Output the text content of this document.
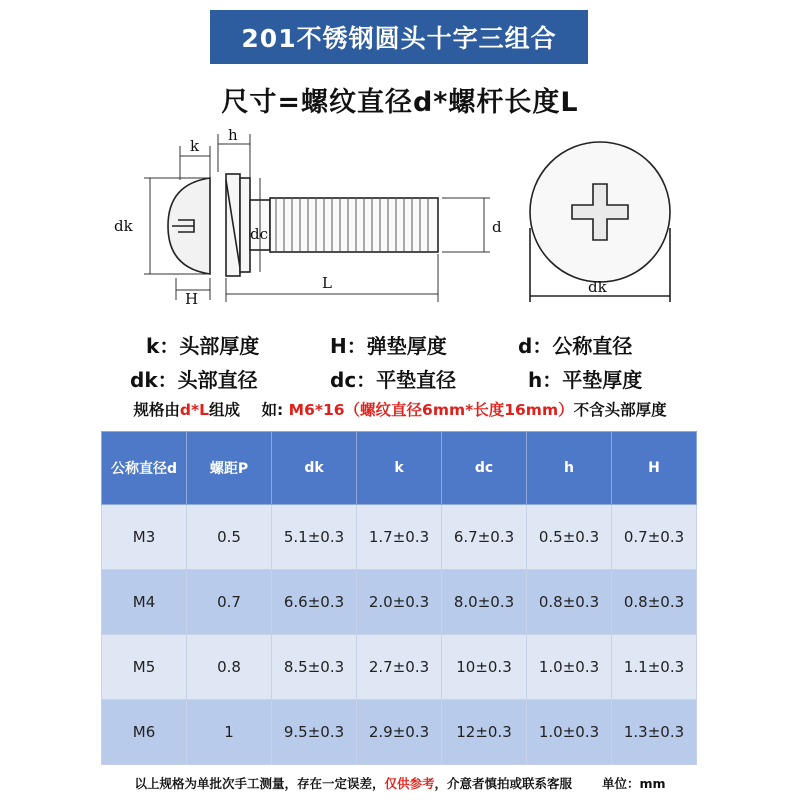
201不锈钢圆头十字三组合
尺寸=螺纹直径d*螺杆长度L
k
h
dk	dc	d
H
L	dk
k：头部厚度	H：弹垫厚度	d：公称直径
dk：头部直径	dc：平垫直径	h：平垫厚度
规格由d*L组成    如: M6*16（螺纹直径6mm*长度16mm）不含头部厚度
公称直径d	螺距P	dk	k	dc	h	H
M3	0.5	5.1±0.3	1.7±0.3	6.7±0.3	0.5±0.3	0.7±0.3
M4	0.7	6.6±0.3	2.0±0.3	8.0±0.3	0.8±0.3	0.8±0.3
M5	0.8	8.5±0.3	2.7±0.3	10±0.3	1.0±0.3	1.1±0.3
M6	1	9.5±0.3	2.9±0.3	12±0.3	1.0±0.3	1.3±0.3
以上规格为单批次手工测量，存在一定误差，仅供参考，介意者慎拍或联系客服 单位：mm
